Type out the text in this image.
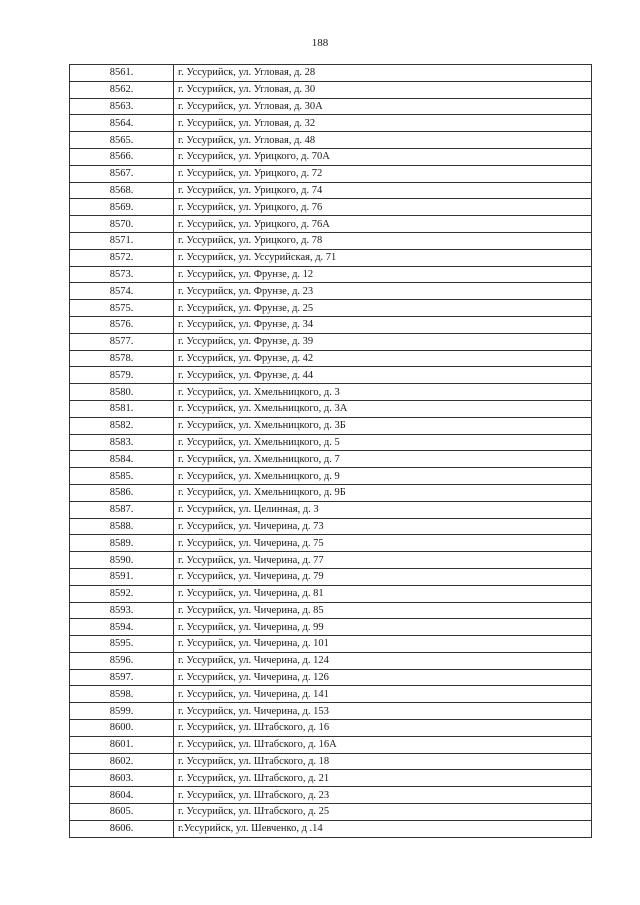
188
8561.	г. Уссурийск, ул. Угловая, д. 28
8562.	г. Уссурийск, ул. Угловая, д. 30
8563.	г. Уссурийск, ул. Угловая, д. 30А
8564.	г. Уссурийск, ул. Угловая, д. 32
8565.	г. Уссурийск, ул. Угловая, д. 48
8566.	г. Уссурийск, ул. Урицкого, д. 70А
8567.	г. Уссурийск, ул. Урицкого, д. 72
8568.	г. Уссурийск, ул. Урицкого, д. 74
8569.	г. Уссурийск, ул. Урицкого, д. 76
8570.	г. Уссурийск, ул. Урицкого, д. 76А
8571.	г. Уссурийск, ул. Урицкого, д. 78
8572.	г. Уссурийск, ул. Уссурийская, д. 71
8573.	г. Уссурийск, ул. Фрунзе, д. 12
8574.	г. Уссурийск, ул. Фрунзе, д. 23
8575.	г. Уссурийск, ул. Фрунзе, д. 25
8576.	г. Уссурийск, ул. Фрунзе, д. 34
8577.	г. Уссурийск, ул. Фрунзе, д. 39
8578.	г. Уссурийск, ул. Фрунзе, д. 42
8579.	г. Уссурийск, ул. Фрунзе, д. 44
8580.	г. Уссурийск, ул. Хмельницкого, д. 3
8581.	г. Уссурийск, ул. Хмельницкого, д. 3А
8582.	г. Уссурийск, ул. Хмельницкого, д. 3Б
8583.	г. Уссурийск, ул. Хмельницкого, д. 5
8584.	г. Уссурийск, ул. Хмельницкого, д. 7
8585.	г. Уссурийск, ул. Хмельницкого, д. 9
8586.	г. Уссурийск, ул. Хмельницкого, д. 9Б
8587.	г. Уссурийск, ул. Целинная, д. 3
8588.	г. Уссурийск, ул. Чичерина, д. 73
8589.	г. Уссурийск, ул. Чичерина, д. 75
8590.	г. Уссурийск, ул. Чичерина, д. 77
8591.	г. Уссурийск, ул. Чичерина, д. 79
8592.	г. Уссурийск, ул. Чичерина, д. 81
8593.	г. Уссурийск, ул. Чичерина, д. 85
8594.	г. Уссурийск, ул. Чичерина, д. 99
8595.	г. Уссурийск, ул. Чичерина, д. 101
8596.	г. Уссурийск, ул. Чичерина, д. 124
8597.	г. Уссурийск, ул. Чичерина, д. 126
8598.	г. Уссурийск, ул. Чичерина, д. 141
8599.	г. Уссурийск, ул. Чичерина, д. 153
8600.	г. Уссурийск, ул. Штабского, д. 16
8601.	г. Уссурийск, ул. Штабского, д. 16А
8602.	г. Уссурийск, ул. Штабского, д. 18
8603.	г. Уссурийск, ул. Штабского, д. 21
8604.	г. Уссурийск, ул. Штабского, д. 23
8605.	г. Уссурийск, ул. Штабского, д. 25
8606.	г.Уссурийск, ул. Шевченко, д .14
